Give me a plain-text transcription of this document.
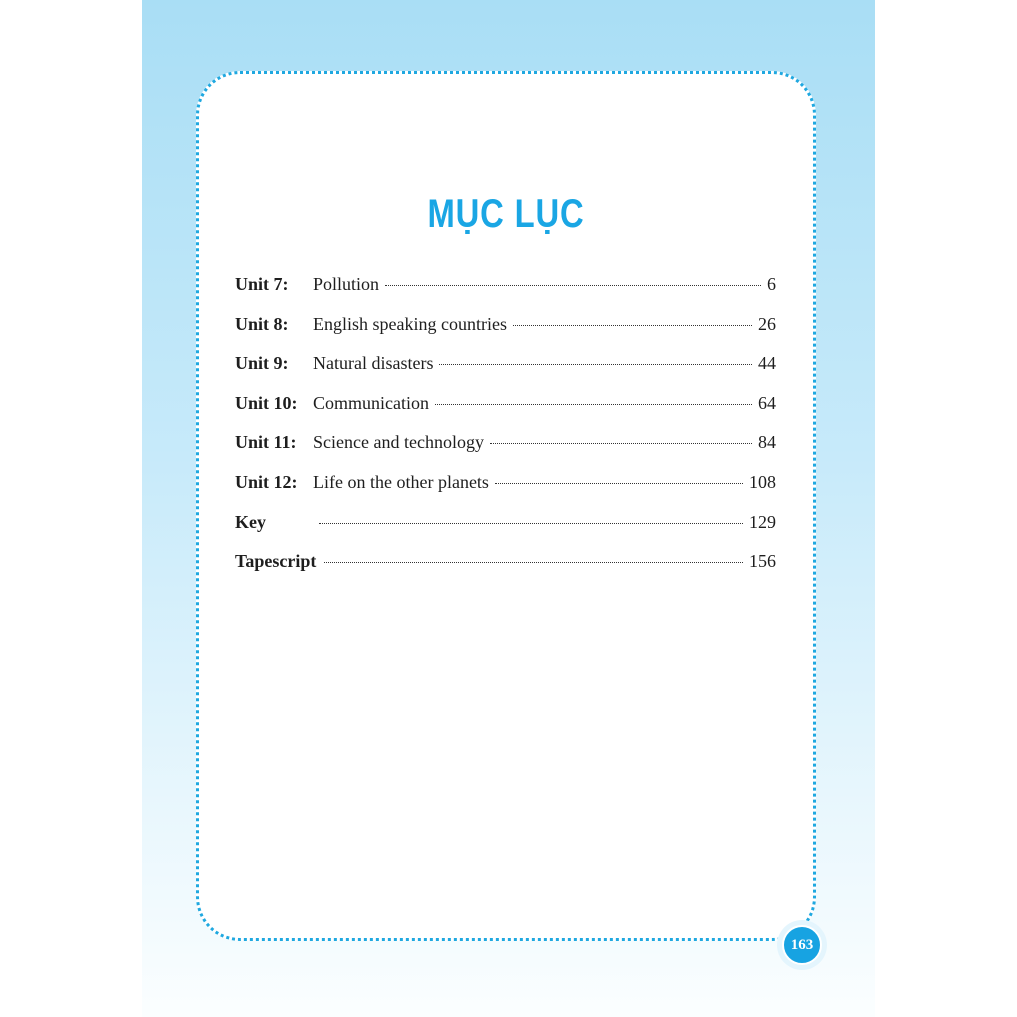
MỤC LỤC
Unit 7:	Pollution	6
Unit 8:	English speaking countries	26
Unit 9:	Natural disasters	44
Unit 10: Communication	64
Unit 11: Science and technology	84
Unit 12: Life on the other planets	108
Key	129
Tapescript	156
163
